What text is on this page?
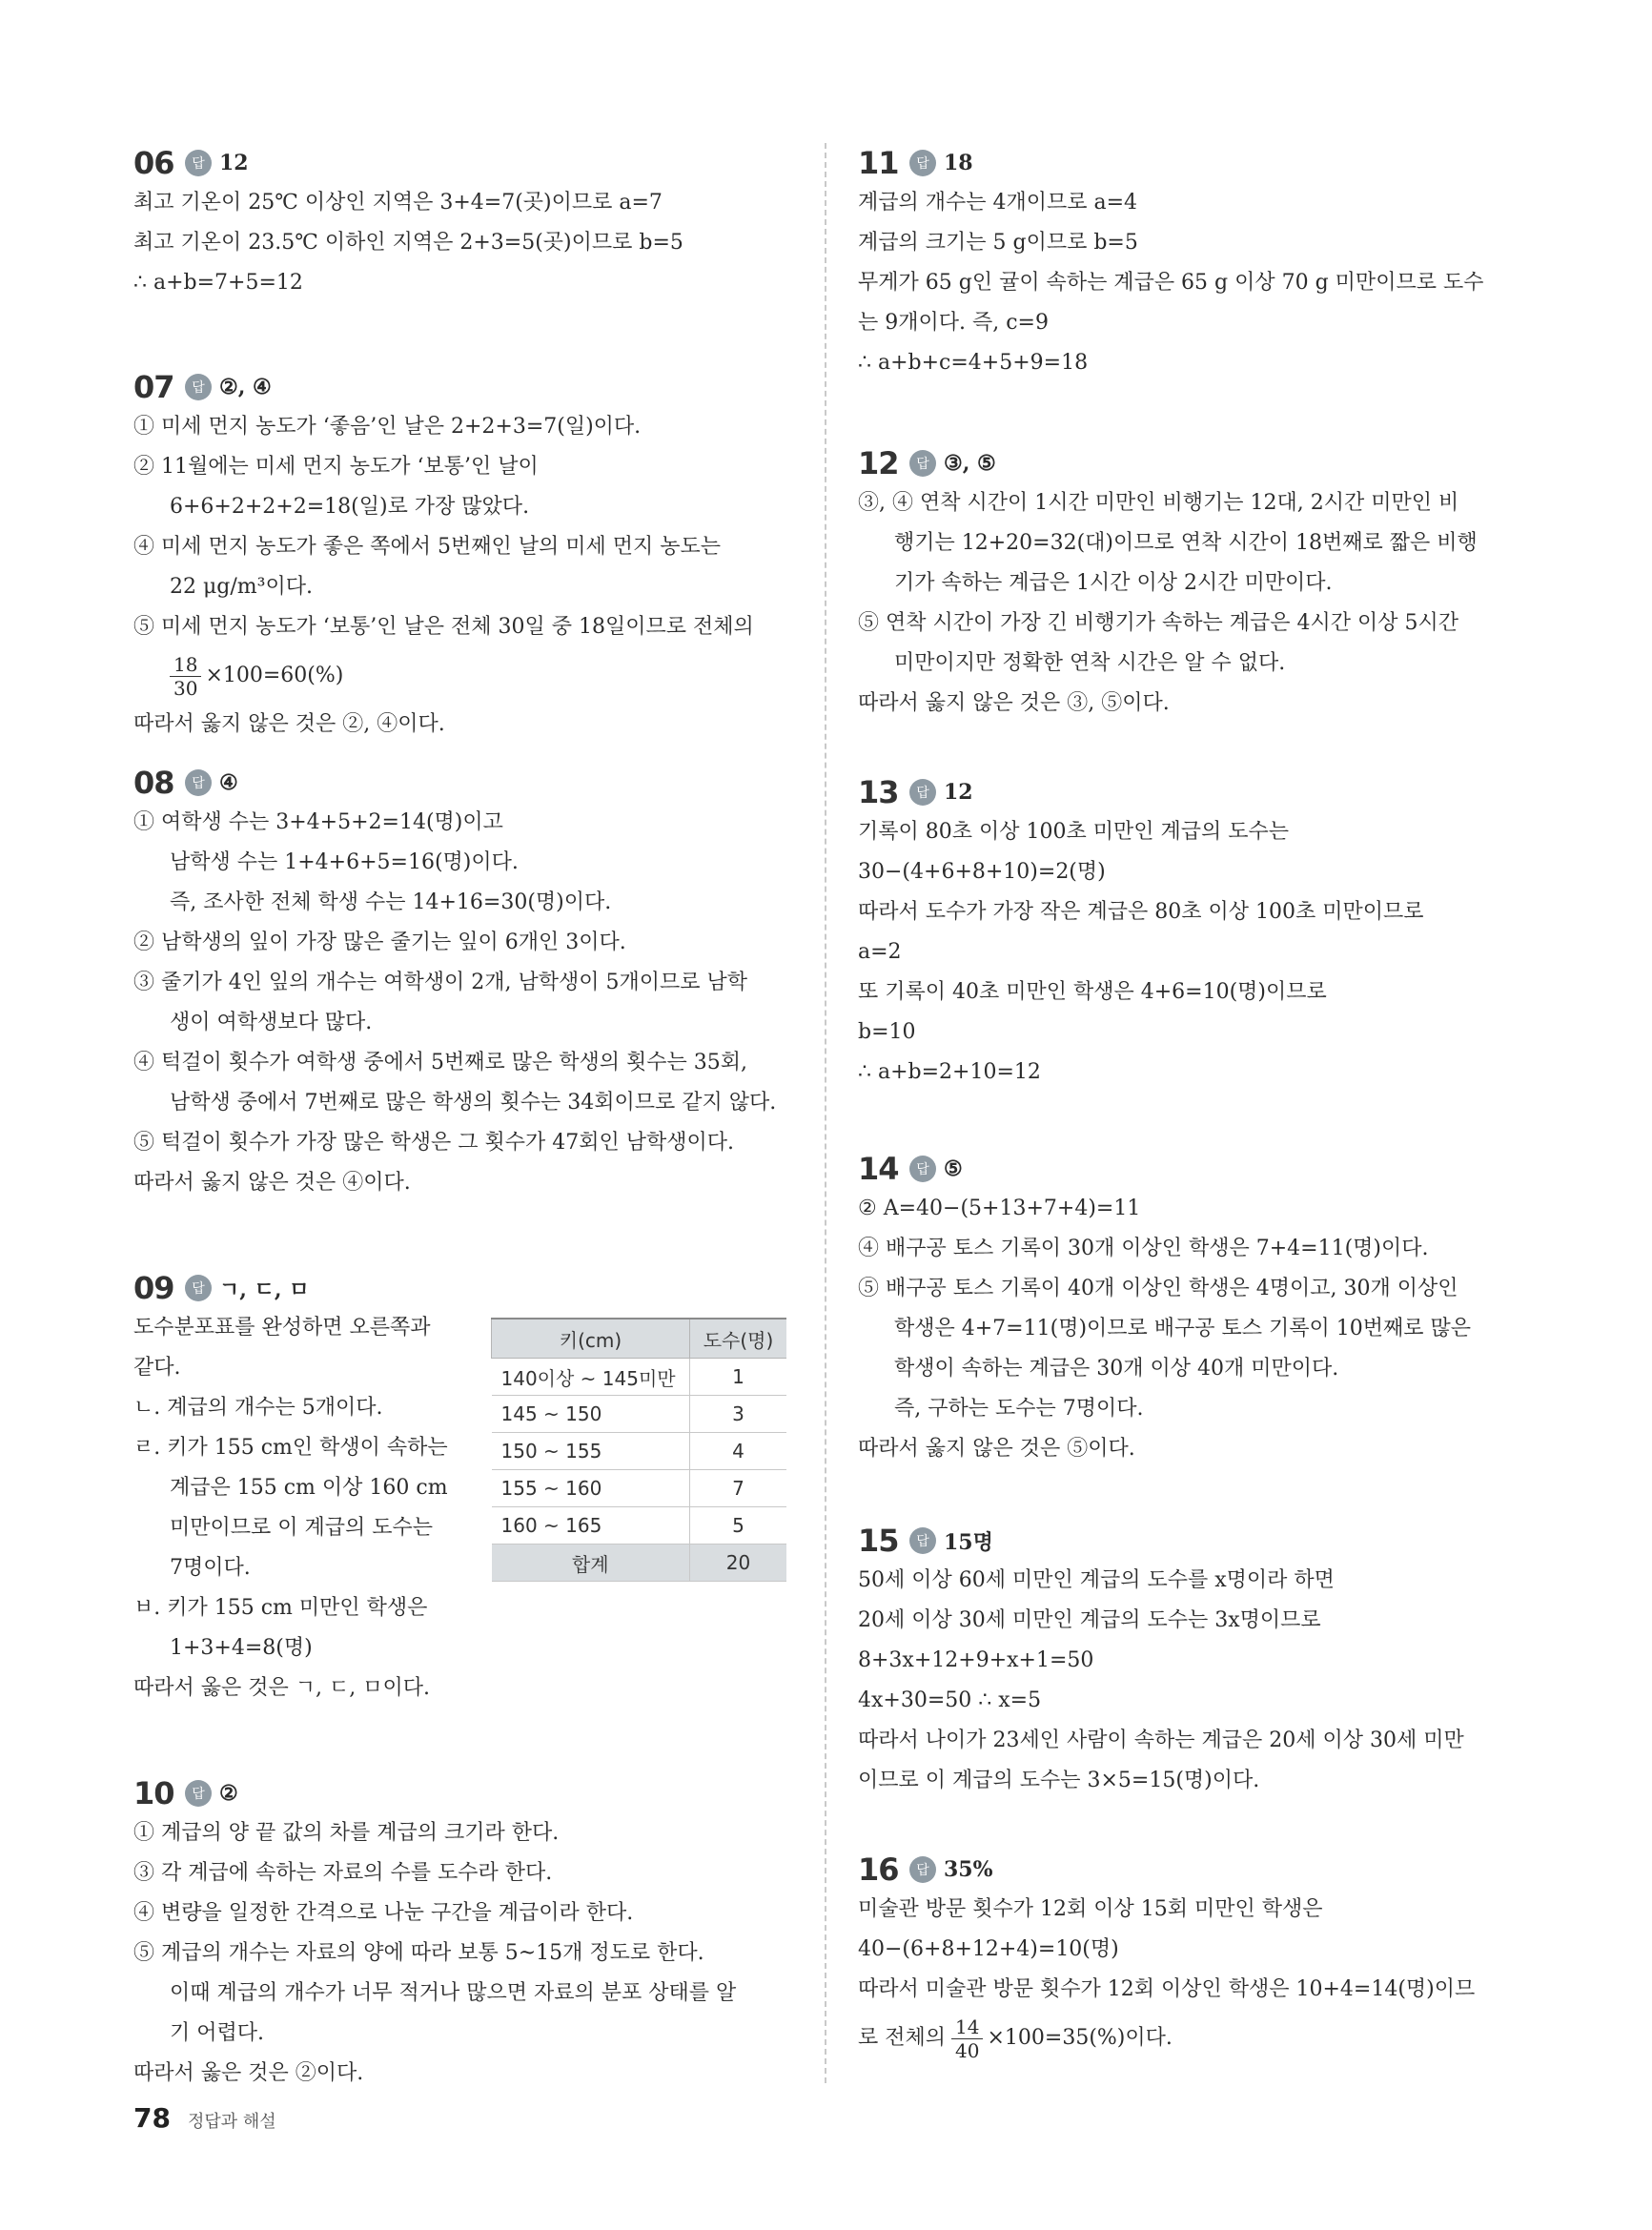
06	답 12
최고 기온이 25℃ 이상인 지역은 3+4=7(곳)이므로 a=7
최고 기온이 23.5℃ 이하인 지역은 2+3=5(곳)이므로 b=5
∴ a+b=7+5=12
07	답 ②, ④
① 미세 먼지 농도가 ‘좋음’인 날은 2+2+3=7(일)이다.
② 11월에는 미세 먼지 농도가 ‘보통’인 날이
6+6+2+2+2=18(일)로 가장 많았다.
④ 미세 먼지 농도가 좋은 쪽에서 5번째인 날의 미세 먼지 농도는
22 μg/m³이다.
⑤ 미세 먼지 농도가 ‘보통’인 날은 전체 30일 중 18일이므로 전체의
$\frac{18}{30} \times 100=60(\%)$
따라서 옳지 않은 것은 ②, ④이다.
08	답 ④
① 여학생 수는 3+4+5+2=14(명)이고
남학생 수는 1+4+6+5=16(명)이다.
즉, 조사한 전체 학생 수는 14+16=30(명)이다.
② 남학생의 잎이 가장 많은 줄기는 잎이 6개인 3이다.
③ 줄기가 4인 잎의 개수는 여학생이 2개, 남학생이 5개이므로 남학
생이 여학생보다 많다.
④ 턱걸이 횟수가 여학생 중에서 5번째로 많은 학생의 횟수는 35회,
남학생 중에서 7번째로 많은 학생의 횟수는 34회이므로 같지 않다.
⑤ 턱걸이 횟수가 가장 많은 학생은 그 횟수가 47회인 남학생이다.
따라서 옳지 않은 것은 ④이다.
09	답 ㄱ, ㄷ, ㅁ
도수분포표를 완성하면 오른쪽과
같다.
ㄴ. 계급의 개수는 5개이다.
ㄹ. 키가 155 cm인 학생이 속하는
계급은 155 cm 이상 160 cm
미만이므로 이 계급의 도수는
7명이다.
ㅂ. 키가 155 cm 미만인 학생은
1+3+4=8(명)
따라서 옳은 것은 ㄱ, ㄷ, ㅁ이다.
키(cm)	도수(명)
140이상 ~ 145미만	1
145 ~ 150	3
150 ~ 155	4
155 ~ 160	7
160 ~ 165	5
합계	20
10	답 ②
① 계급의 양 끝 값의 차를 계급의 크기라 한다.
③ 각 계급에 속하는 자료의 수를 도수라 한다.
④ 변량을 일정한 간격으로 나눈 구간을 계급이라 한다.
⑤ 계급의 개수는 자료의 양에 따라 보통 5~15개 정도로 한다.
이때 계급의 개수가 너무 적거나 많으면 자료의 분포 상태를 알
기 어렵다.
따라서 옳은 것은 ②이다.
11	답 18
계급의 개수는 4개이므로 a=4
계급의 크기는 5 g이므로 b=5
무게가 65 g인 귤이 속하는 계급은 65 g 이상 70 g 미만이므로 도수
는 9개이다. 즉, c=9
∴ a+b+c=4+5+9=18
12	답 ③, ⑤
③, ④ 연착 시간이 1시간 미만인 비행기는 12대, 2시간 미만인 비
행기는 12+20=32(대)이므로 연착 시간이 18번째로 짧은 비행
기가 속하는 계급은 1시간 이상 2시간 미만이다.
⑤ 연착 시간이 가장 긴 비행기가 속하는 계급은 4시간 이상 5시간
미만이지만 정확한 연착 시간은 알 수 없다.
따라서 옳지 않은 것은 ③, ⑤이다.
13	답 12
기록이 80초 이상 100초 미만인 계급의 도수는
30−(4+6+8+10)=2(명)
따라서 도수가 가장 작은 계급은 80초 이상 100초 미만이므로
a=2
또 기록이 40초 미만인 학생은 4+6=10(명)이므로
b=10
∴ a+b=2+10=12
14	답 ⑤
② A=40−(5+13+7+4)=11
④ 배구공 토스 기록이 30개 이상인 학생은 7+4=11(명)이다.
⑤ 배구공 토스 기록이 40개 이상인 학생은 4명이고, 30개 이상인
학생은 4+7=11(명)이므로 배구공 토스 기록이 10번째로 많은
학생이 속하는 계급은 30개 이상 40개 미만이다.
즉, 구하는 도수는 7명이다.
따라서 옳지 않은 것은 ⑤이다.
15	답 15명
50세 이상 60세 미만인 계급의 도수를 x명이라 하면
20세 이상 30세 미만인 계급의 도수는 3x명이므로
8+3x+12+9+x+1=50
4x+30=50 ∴ x=5
따라서 나이가 23세인 사람이 속하는 계급은 20세 이상 30세 미만
이므로 이 계급의 도수는 3×5=15(명)이다.
16	답 35%
미술관 방문 횟수가 12회 이상 15회 미만인 학생은
40−(6+8+12+4)=10(명)
따라서 미술관 방문 횟수가 12회 이상인 학생은 10+4=14(명)이므
로 전체의 $\frac{14}{40} \times 100=35(\%)$이다.
78 정답과 해설
